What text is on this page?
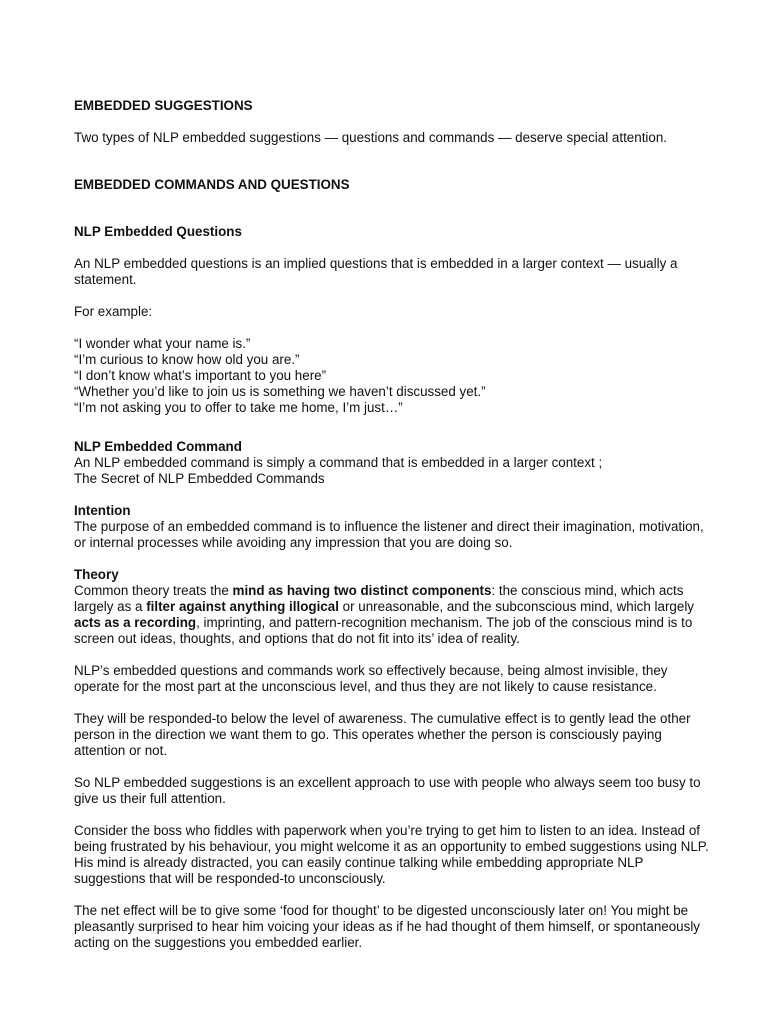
EMBEDDED SUGGESTIONS

Two types of NLP embedded suggestions — questions and commands — deserve special attention.

EMBEDDED COMMANDS AND QUESTIONS
NLP Embedded Questions

An NLP embedded questions is an implied questions that is embedded in a larger context — usually a statement.

For example:

“I wonder what your name is.”
“I’m curious to know how old you are.”
“I don’t know what’s important to you here”
“Whether you’d like to join us is something we haven’t discussed yet.”
“I’m not asking you to offer to take me home, I’m just…”
NLP Embedded Command

An NLP embedded command is simply a command that is embedded in a larger context ;

The Secret of NLP Embedded Commands

Intention

The purpose of an embedded command is to influence the listener and direct their imagination, motivation, or internal processes while avoiding any impression that you are doing so.

Theory

Common theory treats the mind as having two distinct components: the conscious mind, which acts largely as a filter against anything illogical or unreasonable, and the subconscious mind, which largely acts as a recording, imprinting, and pattern-recognition mechanism. The job of the conscious mind is to screen out ideas, thoughts, and options that do not fit into its’ idea of reality.

NLP’s embedded questions and commands work so effectively because, being almost invisible, they operate for the most part at the unconscious level, and thus they are not likely to cause resistance.

They will be responded-to below the level of awareness. The cumulative effect is to gently lead the other person in the direction we want them to go. This operates whether the person is consciously paying attention or not.

So NLP embedded suggestions is an excellent approach to use with people who always seem too busy to give us their full attention.

Consider the boss who fiddles with paperwork when you’re trying to get him to listen to an idea. Instead of being frustrated by his behaviour, you might welcome it as an opportunity to embed suggestions using NLP. His mind is already distracted, you can easily continue talking while embedding appropriate NLP suggestions that will be responded-to unconsciously.

The net effect will be to give some ‘food for thought’ to be digested unconsciously later on! You might be pleasantly surprised to hear him voicing your ideas as if he had thought of them himself, or spontaneously acting on the suggestions you embedded earlier.
